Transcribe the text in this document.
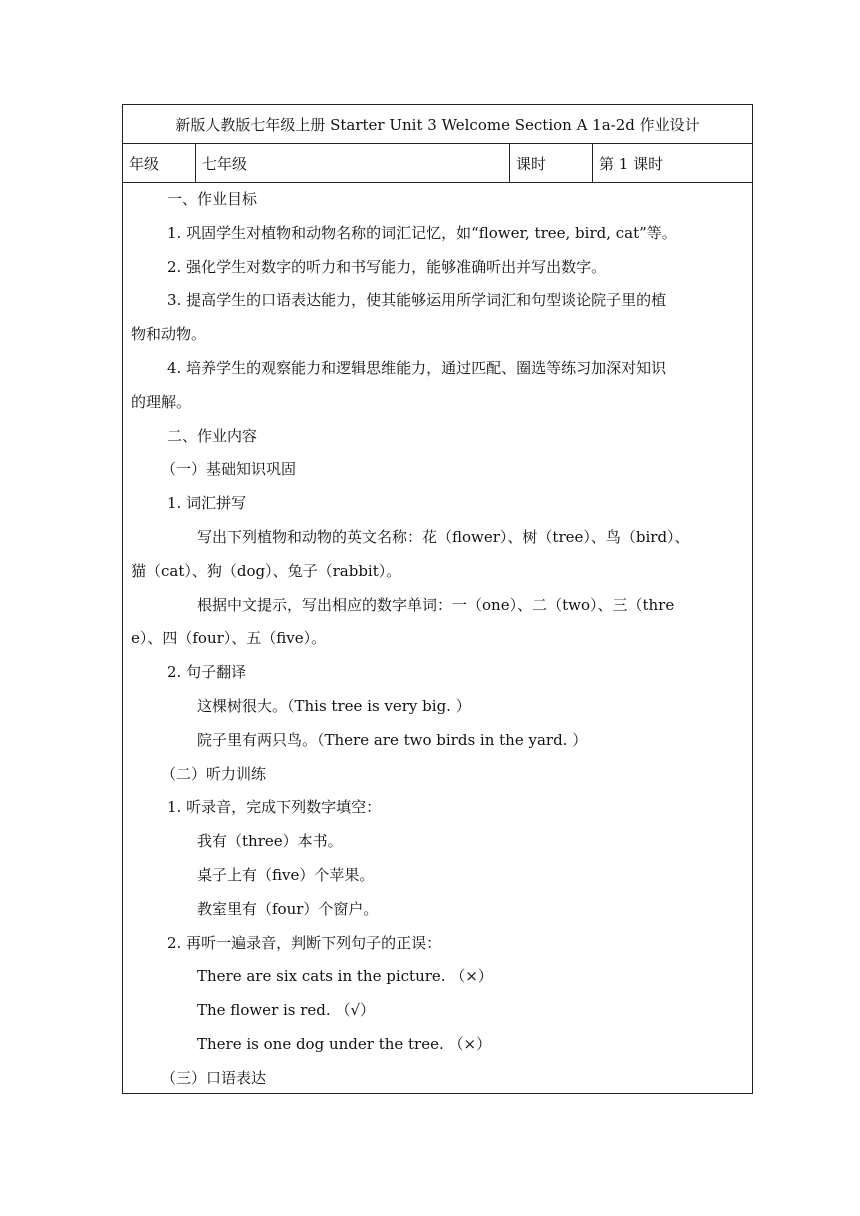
新版人教版七年级上册 Starter Unit 3 Welcome Section A 1a-2d 作业设计
年级	七年级	课时	第 1 课时
一、作业目标
1. 巩固学生对植物和动物名称的词汇记忆，如“flower, tree, bird, cat”等。
2. 强化学生对数字的听力和书写能力，能够准确听出并写出数字。
3. 提高学生的口语表达能力，使其能够运用所学词汇和句型谈论院子里的植
物和动物。
4. 培养学生的观察能力和逻辑思维能力，通过匹配、圈选等练习加深对知识
的理解。
二、作业内容
（一）基础知识巩固
1. 词汇拼写
写出下列植物和动物的英文名称：花（flower）、树（tree）、鸟（bird）、
猫（cat）、狗（dog）、兔子（rabbit）。
根据中文提示，写出相应的数字单词：一（one）、二（two）、三（thre
e）、四（four）、五（five）。
2. 句子翻译
这棵树很大。（This tree is very big. ）
院子里有两只鸟。（There are two birds in the yard. ）
（二）听力训练
1. 听录音，完成下列数字填空：
我有（three）本书。
桌子上有（five）个苹果。
教室里有（four）个窗户。
2. 再听一遍录音，判断下列句子的正误：
There are six cats in the picture. （×）
The flower is red. （√）
There is one dog under the tree. （×）
（三）口语表达
